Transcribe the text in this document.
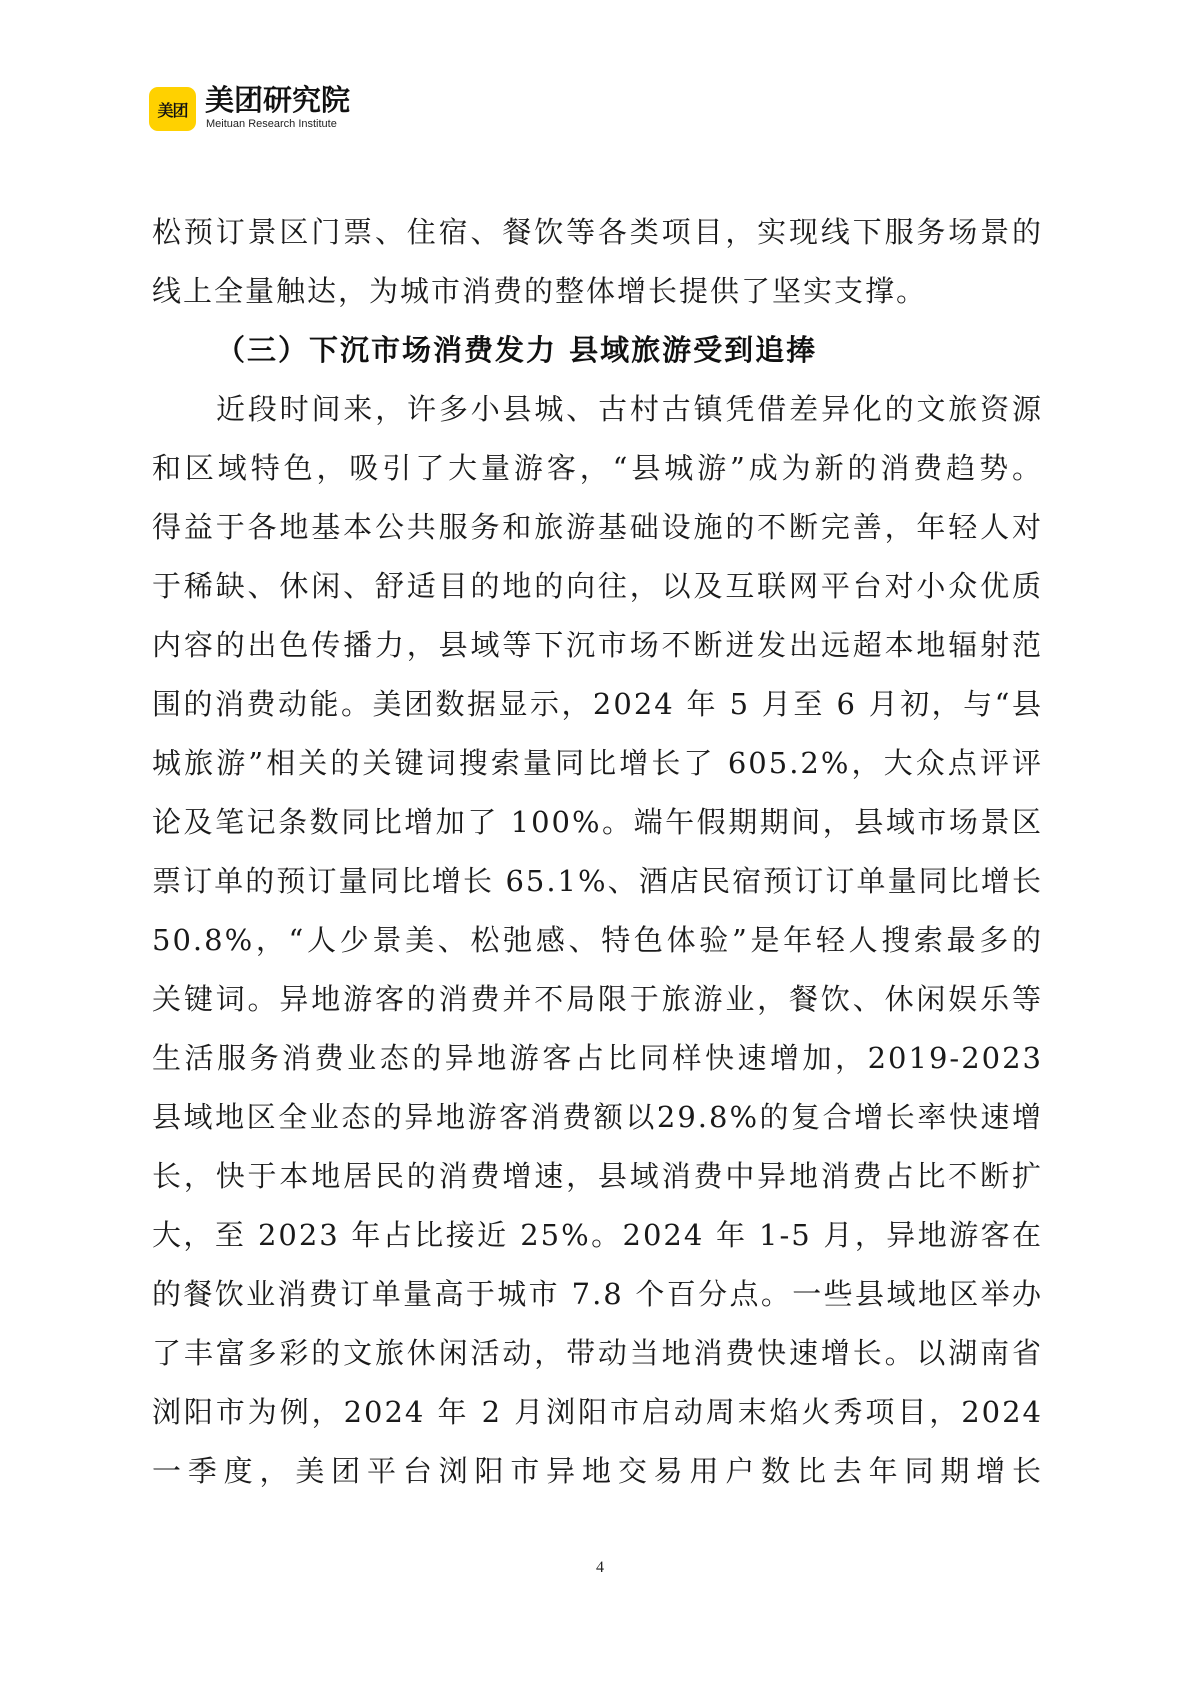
美团 美团研究院
Meituan Research Institute
松预订景区门票、住宿、餐饮等各类项目，实现线下服务场景的
线上全量触达，为城市消费的整体增长提供了坚实支撑。
（三）下沉市场消费发力 县域旅游受到追捧
近段时间来，许多小县城、古村古镇凭借差异化的文旅资源
和区域特色，吸引了大量游客，“县城游”成为新的消费趋势。
得益于各地基本公共服务和旅游基础设施的不断完善，年轻人对
于稀缺、休闲、舒适目的地的向往，以及互联网平台对小众优质
内容的出色传播力，县域等下沉市场不断迸发出远超本地辐射范
围的消费动能。美团数据显示，2024 年 5 月至 6 月初，与“县
城旅游”相关的关键词搜索量同比增长了 605.2%，大众点评评
论及笔记条数同比增加了 100%。端午假期期间，县域市场景区
票订单的预订量同比增长 65.1%、酒店民宿预订订单量同比增长
50.8%，“人少景美、松弛感、特色体验”是年轻人搜索最多的
关键词。异地游客的消费并不局限于旅游业，餐饮、休闲娱乐等
生活服务消费业态的异地游客占比同样快速增加，2019-2023
县域地区全业态的异地游客消费额以29.8%的复合增长率快速增
长，快于本地居民的消费增速，县域消费中异地消费占比不断扩
大，至 2023 年占比接近 25%。2024 年 1-5 月，异地游客在
的餐饮业消费订单量高于城市 7.8 个百分点。一些县域地区举办
了丰富多彩的文旅休闲活动，带动当地消费快速增长。以湖南省
浏阳市为例，2024 年 2 月浏阳市启动周末焰火秀项目，2024
一季度，美团平台浏阳市异地交易用户数比去年同期增长
4
